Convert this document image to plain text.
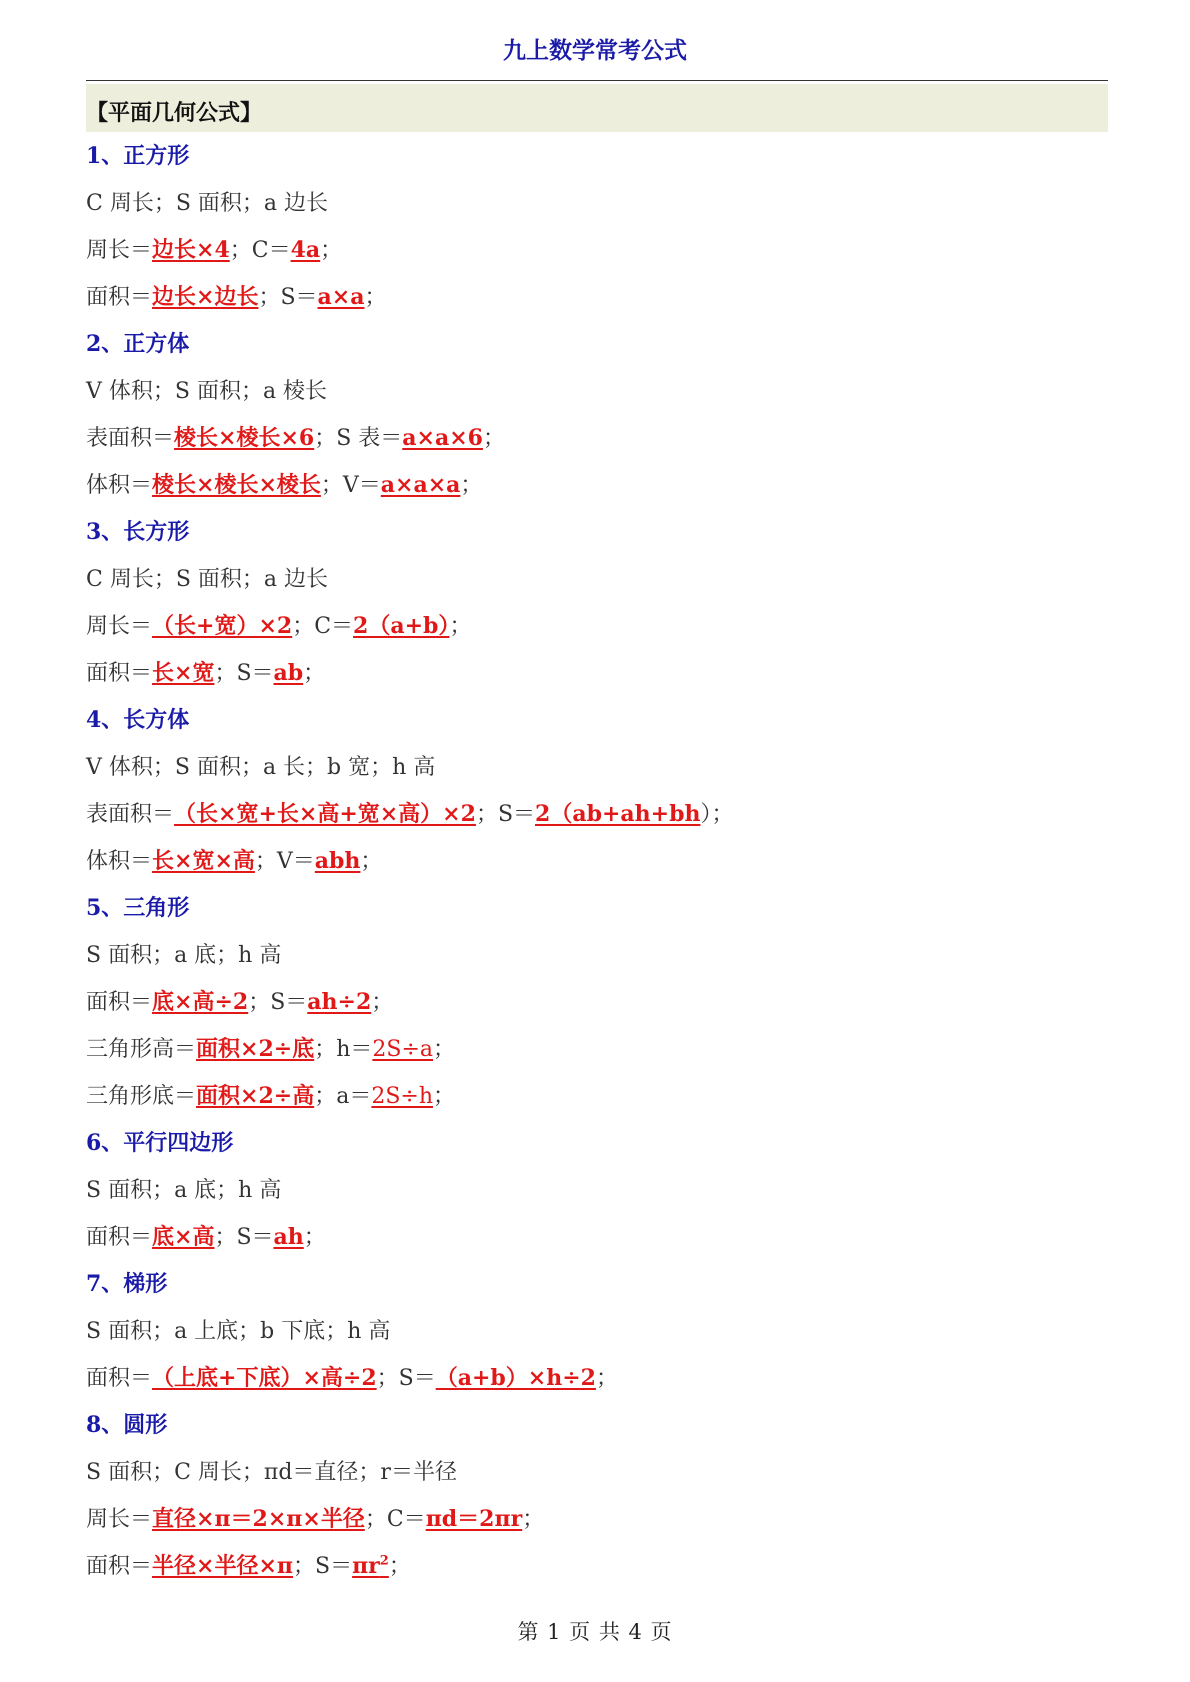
九上数学常考公式
【平面几何公式】
1、正方形
C 周长；S 面积；a 边长
周长＝边长×4；C＝4a；
面积＝边长×边长；S＝a×a；
2、正方体
V 体积；S 面积；a 棱长
表面积＝棱长×棱长×6；S 表＝a×a×6；
体积＝棱长×棱长×棱长；V＝a×a×a；
3、长方形
C 周长；S 面积；a 边长
周长＝（长+宽）×2；C＝2（a+b）；
面积＝长×宽；S＝ab；
4、长方体
V 体积；S 面积；a 长；b 宽；h 高
表面积＝（长×宽+长×高+宽×高）×2；S＝2（ab+ah+bh）；
体积＝长×宽×高；V＝abh；
5、三角形
S 面积；a 底；h 高
面积＝底×高÷2；S＝ah÷2；
三角形高＝面积×2÷底；h＝2S÷a；
三角形底＝面积×2÷高；a＝2S÷h；
6、平行四边形
S 面积；a 底；h 高
面积＝底×高；S＝ah；
7、梯形
S 面积；a 上底；b 下底；h 高
面积＝（上底+下底）×高÷2；S＝（a+b）×h÷2；
8、圆形
S 面积；C 周长；πd＝直径；r＝半径
周长＝直径×π＝2×π×半径；C＝πd＝2πr；
面积＝半径×半径×π；$S=\pi r^2$；
第 1 页 共 4 页
